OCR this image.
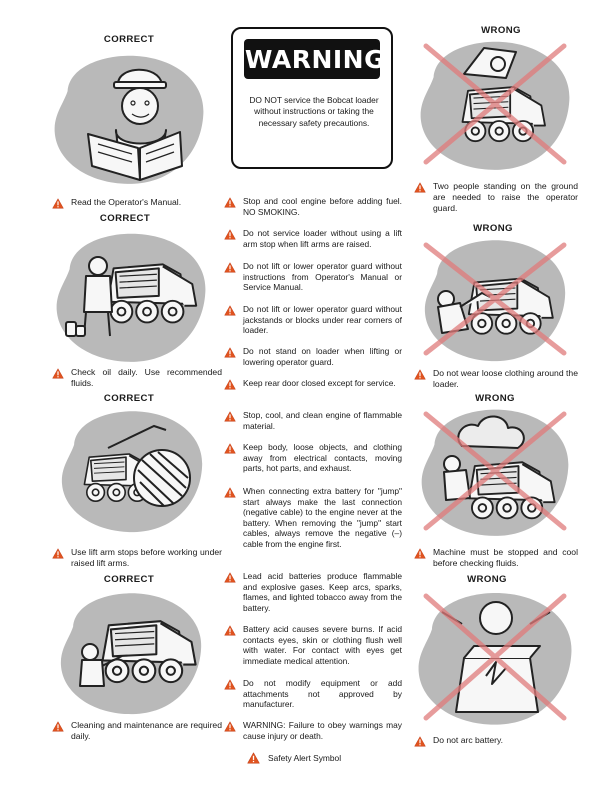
CORRECT
Read the Operator's Manual.
CORRECT
Check oil daily. Use recommended fluids.
CORRECT
Use lift arm stops before working under raised lift arms.
CORRECT
Cleaning and maintenance are required daily.
WARNING
DO NOT service the Bobcat loader without instructions or taking the necessary safety precautions.
Stop and cool engine before adding fuel. NO SMOKING.
Do not service loader without using a lift arm stop when lift arms are raised.
Do not lift or lower operator guard without instructions from Operator's Manual or Service Manual.
Do not lift or lower operator guard without jackstands or blocks under rear corners of loader.
Do not stand on loader when lifting or lowering operator guard.
Keep rear door closed except for service.
Stop, cool, and clean engine of flammable material.
Keep body, loose objects, and clothing away from electrical contacts, moving parts, hot parts, and exhaust.
When connecting extra battery for "jump" start always make the last connection (negative cable) to the engine never at the battery. When removing the "jump" start cables, always remove the negative (–) cable from the engine first.
Lead acid batteries produce flammable and explosive gases. Keep arcs, sparks, flames, and lighted tobacco away from the battery.
Battery acid causes severe burns. If acid contacts eyes, skin or clothing flush well with water. For contact with eyes get immediate medical attention.
Do not modify equipment or add attachments not approved by manufacturer.
WARNING: Failure to obey warnings may cause injury or death.
WRONG
Two people standing on the ground are needed to raise the operator guard.
WRONG
Do not wear loose clothing around the loader.
WRONG
Machine must be stopped and cool before checking fluids.
WRONG
Do not arc battery.
Safety Alert Symbol
